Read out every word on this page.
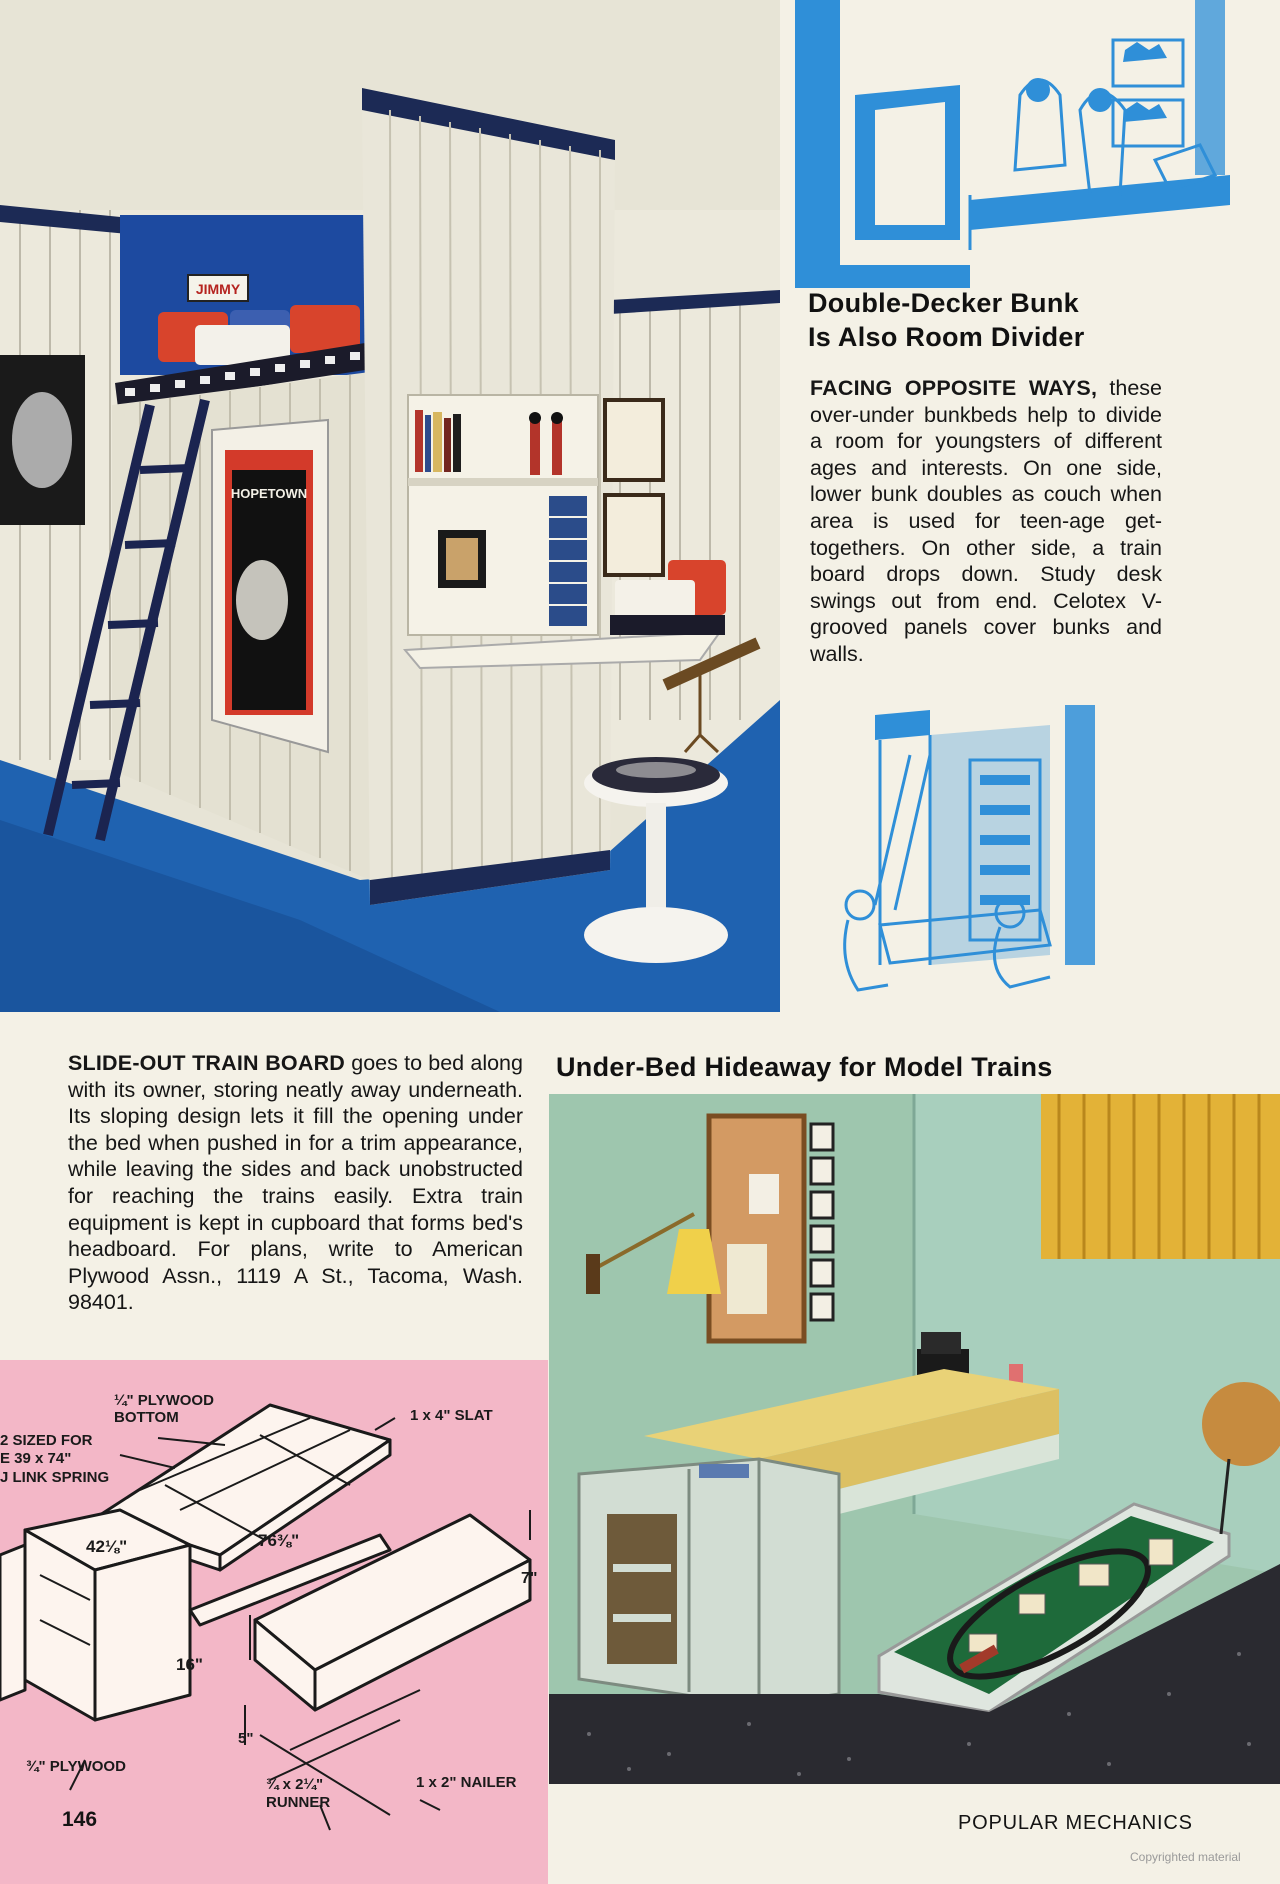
JIMMY
HOPETOWN
Double-Decker Bunk
Is Also Room Divider

FACING OPPOSITE WAYS, these over-under bunkbeds help to divide a room for youngsters of different ages and interests. On one side, lower bunk doubles as couch when area is used for teen-age get-togethers. On other side, a train board drops down. Study desk swings out from end. Celotex V-grooved panels cover bunks and walls.

SLIDE-OUT TRAIN BOARD goes to bed along with its owner, storing neatly away underneath. Its sloping design lets it fill the opening under the bed when pushed in for a trim appearance, while leaving the sides and back unobstructed for reaching the trains easily. Extra train equipment is kept in cupboard that forms bed's headboard. For plans, write to American Plywood Assn., 1119 A St., Tacoma, Wash. 98401.

Under-Bed Hideaway for Model Trains
¼" PLYWOOD
BOTTOM	1 x 4" SLAT
2 SIZED FOR
E 39 x 74"
J LINK SPRING
42⅛"	76⅜"
7"
16"
5"
¾" PLYWOOD
¾ x 2¼"
RUNNER
1 x 2" NAILER
146	POPULAR MECHANICS
Copyrighted material
